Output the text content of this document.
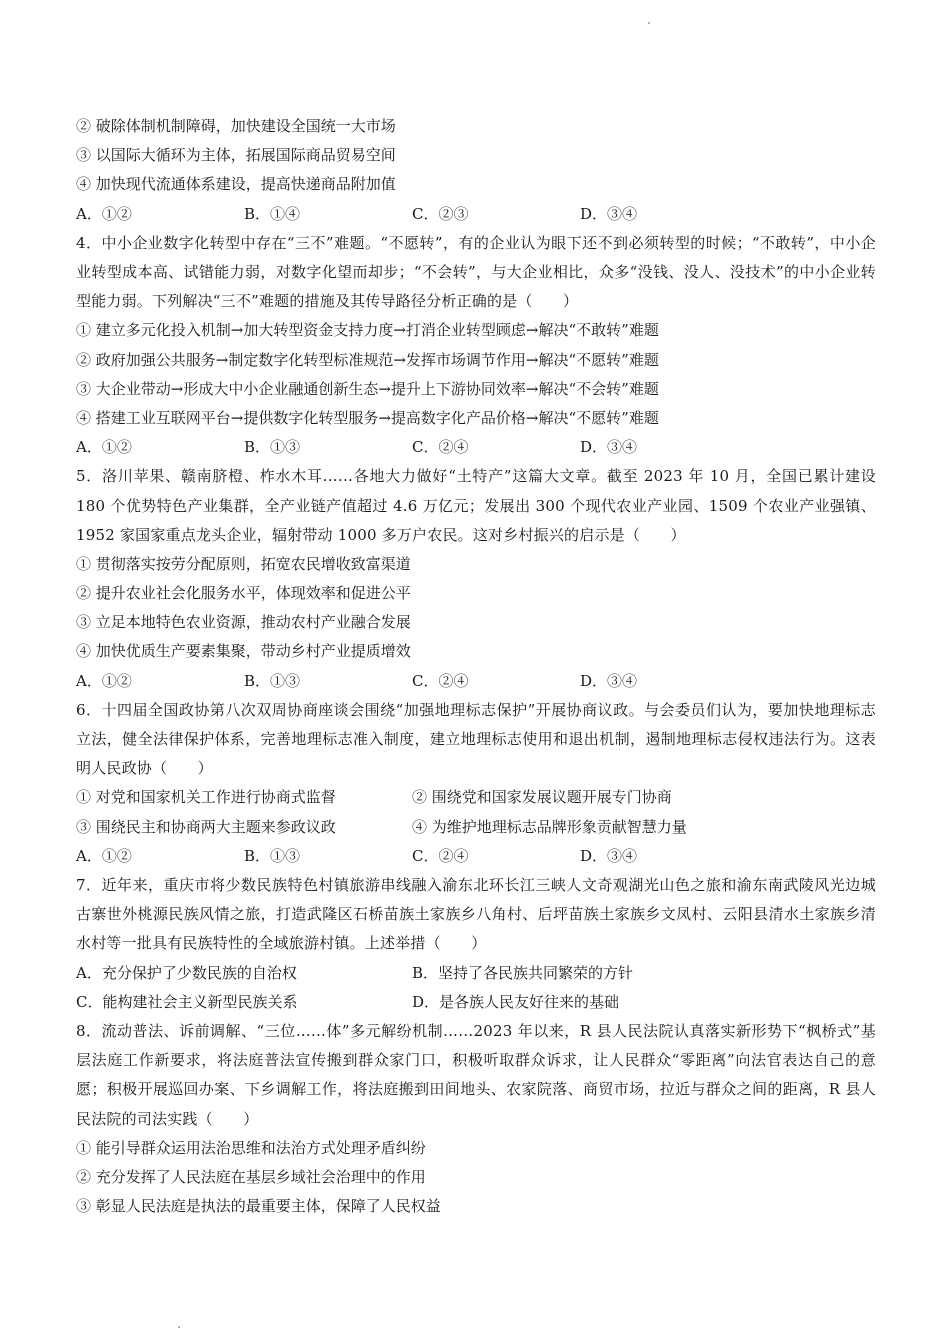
② 破除体制机制障碍，加快建设全国统一大市场
③ 以国际大循环为主体，拓展国际商品贸易空间
④ 加快现代流通体系建设，提高快递商品附加值
A．①②	B．①④	C．②③	D．③④
4．中小企业数字化转型中存在“三不”难题。“不愿转”，有的企业认为眼下还不到必须转型的时候；“不敢转”，中小企业转型成本高、试错能力弱，对数字化望而却步；“不会转”，与大企业相比，众多“没钱、没人、没技术”的中小企业转型能力弱。下列解决“三不”难题的措施及其传导路径分析正确的是（　　）
① 建立多元化投入机制→加大转型资金支持力度→打消企业转型顾虑→解决“不敢转”难题
② 政府加强公共服务→制定数字化转型标准规范→发挥市场调节作用→解决“不愿转”难题
③ 大企业带动→形成大中小企业融通创新生态→提升上下游协同效率→解决“不会转”难题
④ 搭建工业互联网平台→提供数字化转型服务→提高数字化产品价格→解决“不愿转”难题
A．①②	B．①③	C．②④	D．③④
5．洛川苹果、赣南脐橙、柞水木耳……各地大力做好“土特产”这篇大文章。截至 2023 年 10 月，全国已累计建设 180 个优势特色产业集群，全产业链产值超过 4.6 万亿元；发展出 300 个现代农业产业园、1509 个农业产业强镇、1952 家国家重点龙头企业，辐射带动 1000 多万户农民。这对乡村振兴的启示是（　　）
① 贯彻落实按劳分配原则，拓宽农民增收致富渠道
② 提升农业社会化服务水平，体现效率和促进公平
③ 立足本地特色农业资源，推动农村产业融合发展
④ 加快优质生产要素集聚，带动乡村产业提质增效
A．①②	B．①③	C．②④	D．③④
6．十四届全国政协第八次双周协商座谈会围绕“加强地理标志保护”开展协商议政。与会委员们认为，要加快地理标志立法，健全法律保护体系，完善地理标志准入制度，建立地理标志使用和退出机制，遏制地理标志侵权违法行为。这表明人民政协（　　）
① 对党和国家机关工作进行协商式监督	② 围绕党和国家发展议题开展专门协商
③ 围绕民主和协商两大主题来参政议政	④ 为维护地理标志品牌形象贡献智慧力量
A．①②	B．①③	C．②④	D．③④
7．近年来，重庆市将少数民族特色村镇旅游串线融入渝东北环长江三峡人文奇观湖光山色之旅和渝东南武陵风光边城古寨世外桃源民族风情之旅，打造武隆区石桥苗族土家族乡八角村、后坪苗族土家族乡文凤村、云阳县清水土家族乡清水村等一批具有民族特性的全域旅游村镇。上述举措（　　）
A．充分保护了少数民族的自治权	B．坚持了各民族共同繁荣的方针
C．能构建社会主义新型民族关系	D．是各族人民友好往来的基础
8．流动普法、诉前调解、“三位……体”多元解纷机制……2023 年以来，R 县人民法院认真落实新形势下“枫桥式”基层法庭工作新要求，将法庭普法宣传搬到群众家门口，积极听取群众诉求，让人民群众“零距离”向法官表达自己的意愿；积极开展巡回办案、下乡调解工作，将法庭搬到田间地头、农家院落、商贸市场，拉近与群众之间的距离，R 县人民法院的司法实践（　　）
① 能引导群众运用法治思维和法治方式处理矛盾纠纷
② 充分发挥了人民法庭在基层乡域社会治理中的作用
③ 彰显人民法庭是执法的最重要主体，保障了人民权益
